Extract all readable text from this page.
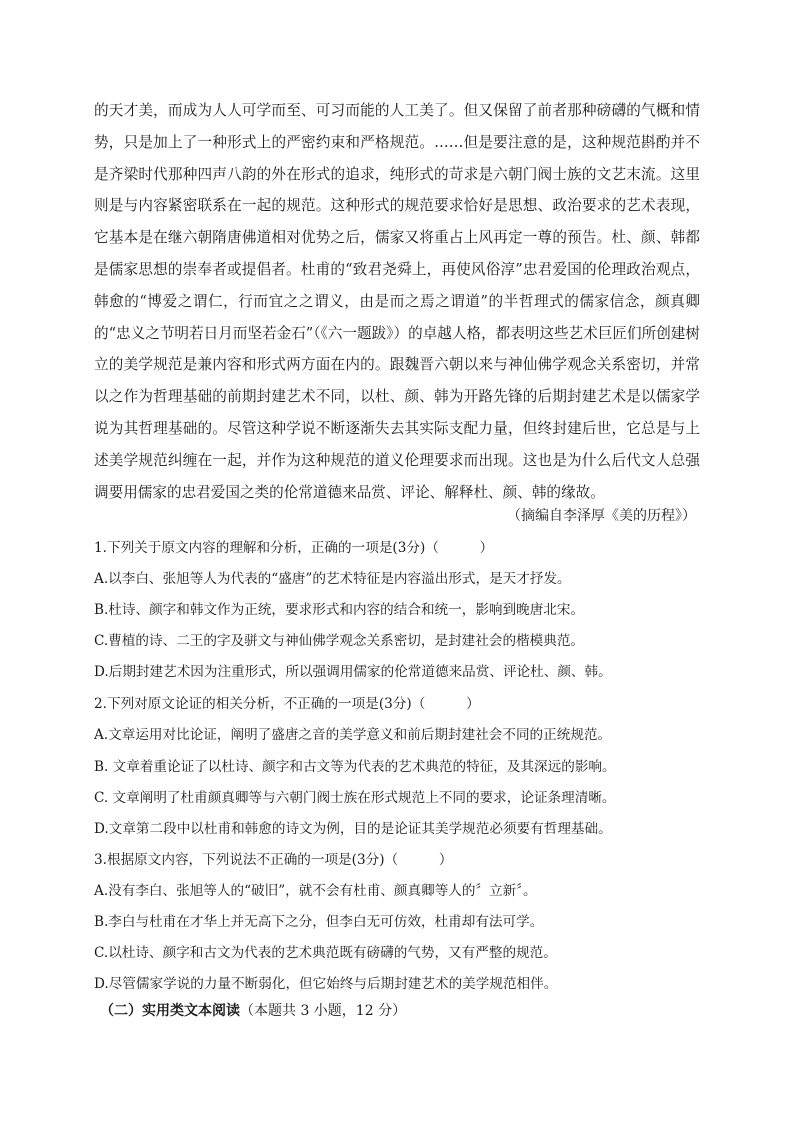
的天才美，而成为人人可学而至、可习而能的人工美了。但又保留了前者那种磅礴的气概和情势，只是加上了一种形式上的严密约束和严格规范。……但是要注意的是，这种规范斟酌并不是齐梁时代那种四声八韵的外在形式的追求，纯形式的苛求是六朝门阀士族的文艺末流。这里则是与内容紧密联系在一起的规范。这种形式的规范要求恰好是思想、政治要求的艺术表现，它基本是在继六朝隋唐佛道相对优势之后，儒家又将重占上风再定一尊的预告。杜、颜、韩都是儒家思想的崇奉者或提倡者。杜甫的“致君尧舜上，再使风俗淳”忠君爱国的伦理政治观点，韩愈的“博爱之谓仁，行而宜之之谓义，由是而之焉之谓道”的半哲理式的儒家信念，颜真卿的“忠义之节明若日月而坚若金石”（《六一题跋》）的卓越人格，都表明这些艺术巨匠们所创建树立的美学规范是兼内容和形式两方面在内的。跟魏晋六朝以来与神仙佛学观念关系密切，并常以之作为哲理基础的前期封建艺术不同，以杜、颜、韩为开路先锋的后期封建艺术是以儒家学说为其哲理基础的。尽管这种学说不断逐渐失去其实际支配力量，但终封建后世，它总是与上述美学规范纠缠在一起，并作为这种规范的道义伦理要求而出现。这也是为什么后代文人总强调要用儒家的忠君爱国之类的伦常道德来品赏、评论、解释杜、颜、韩的缘故。

（摘编自李泽厚《美的历程》）
1.下列关于原文内容的理解和分析，正确的一项是(3分)（　　　）
A.以李白、张旭等人为代表的“盛唐”的艺术特征是内容溢出形式，是天才抒发。
B.杜诗、颜字和韩文作为正统，要求形式和内容的结合和统一，影响到晚唐北宋。
C.曹植的诗、二王的字及骈文与神仙佛学观念关系密切，是封建社会的楷模典范。
D.后期封建艺术因为注重形式，所以强调用儒家的伦常道德来品赏、评论杜、颜、韩。
2.下列对原文论证的相关分析，不正确的一项是(3分)（　　　）
A.文章运用对比论证，阐明了盛唐之音的美学意义和前后期封建社会不同的正统规范。
B. 文章着重论证了以杜诗、颜字和古文等为代表的艺术典范的特征，及其深远的影响。
C. 文章阐明了杜甫颜真卿等与六朝门阀士族在形式规范上不同的要求，论证条理清晰。
D.文章第二段中以杜甫和韩愈的诗文为例，目的是论证其美学规范必须要有哲理基础。
3.根据原文内容，下列说法不正确的一项是(3分)（　　　）
A.没有李白、张旭等人的“破旧”，就不会有杜甫、颜真卿等人的〞立新〞。
B.李白与杜甫在才华上并无高下之分，但李白无可仿效，杜甫却有法可学。
C.以杜诗、颜字和古文为代表的艺术典范既有磅礴的气势，又有严整的规范。
D.尽管儒家学说的力量不断弱化，但它始终与后期封建艺术的美学规范相伴。
（二）实用类文本阅读（本题共 3 小题，12 分）
